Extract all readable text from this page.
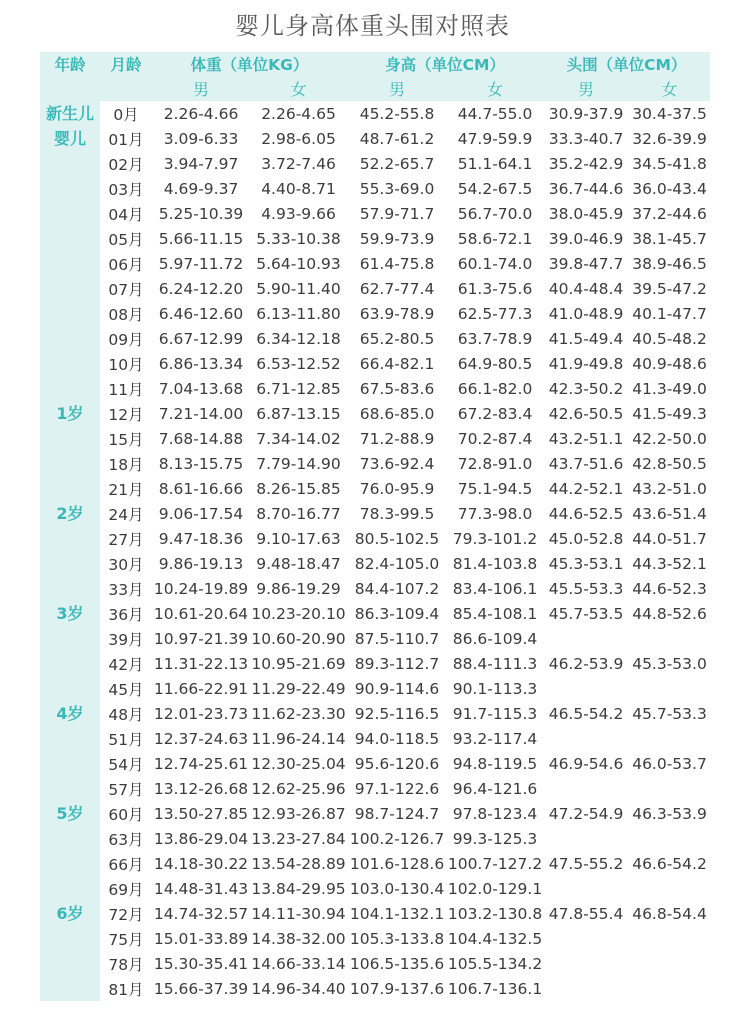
婴儿身高体重头围对照表
年龄	月龄	体重（单位KG）		身高（单位CM）		头围（单位CM）	
		男	女	男	女	男	女
新生儿	0月	2.26-4.66	2.26-4.65	45.2-55.8	44.7-55.0	30.9-37.9	30.4-37.5
婴儿	01月	3.09-6.33	2.98-6.05	48.7-61.2	47.9-59.9	33.3-40.7	32.6-39.9
	02月	3.94-7.97	3.72-7.46	52.2-65.7	51.1-64.1	35.2-42.9	34.5-41.8
	03月	4.69-9.37	4.40-8.71	55.3-69.0	54.2-67.5	36.7-44.6	36.0-43.4
	04月	5.25-10.39	4.93-9.66	57.9-71.7	56.7-70.0	38.0-45.9	37.2-44.6
	05月	5.66-11.15	5.33-10.38	59.9-73.9	58.6-72.1	39.0-46.9	38.1-45.7
	06月	5.97-11.72	5.64-10.93	61.4-75.8	60.1-74.0	39.8-47.7	38.9-46.5
	07月	6.24-12.20	5.90-11.40	62.7-77.4	61.3-75.6	40.4-48.4	39.5-47.2
	08月	6.46-12.60	6.13-11.80	63.9-78.9	62.5-77.3	41.0-48.9	40.1-47.7
	09月	6.67-12.99	6.34-12.18	65.2-80.5	63.7-78.9	41.5-49.4	40.5-48.2
	10月	6.86-13.34	6.53-12.52	66.4-82.1	64.9-80.5	41.9-49.8	40.9-48.6
	11月	7.04-13.68	6.71-12.85	67.5-83.6	66.1-82.0	42.3-50.2	41.3-49.0
1岁	12月	7.21-14.00	6.87-13.15	68.6-85.0	67.2-83.4	42.6-50.5	41.5-49.3
	15月	7.68-14.88	7.34-14.02	71.2-88.9	70.2-87.4	43.2-51.1	42.2-50.0
	18月	8.13-15.75	7.79-14.90	73.6-92.4	72.8-91.0	43.7-51.6	42.8-50.5
	21月	8.61-16.66	8.26-15.85	76.0-95.9	75.1-94.5	44.2-52.1	43.2-51.0
2岁	24月	9.06-17.54	8.70-16.77	78.3-99.5	77.3-98.0	44.6-52.5	43.6-51.4
	27月	9.47-18.36	9.10-17.63	80.5-102.5	79.3-101.2	45.0-52.8	44.0-51.7
	30月	9.86-19.13	9.48-18.47	82.4-105.0	81.4-103.8	45.3-53.1	44.3-52.1
	33月	10.24-19.89	9.86-19.29	84.4-107.2	83.4-106.1	45.5-53.3	44.6-52.3
3岁	36月	10.61-20.64	10.23-20.10	86.3-109.4	85.4-108.1	45.7-53.5	44.8-52.6
	39月	10.97-21.39	10.60-20.90	87.5-110.7	86.6-109.4		
	42月	11.31-22.13	10.95-21.69	89.3-112.7	88.4-111.3	46.2-53.9	45.3-53.0
	45月	11.66-22.91	11.29-22.49	90.9-114.6	90.1-113.3		
4岁	48月	12.01-23.73	11.62-23.30	92.5-116.5	91.7-115.3	46.5-54.2	45.7-53.3
	51月	12.37-24.63	11.96-24.14	94.0-118.5	93.2-117.4		
	54月	12.74-25.61	12.30-25.04	95.6-120.6	94.8-119.5	46.9-54.6	46.0-53.7
	57月	13.12-26.68	12.62-25.96	97.1-122.6	96.4-121.6		
5岁	60月	13.50-27.85	12.93-26.87	98.7-124.7	97.8-123.4	47.2-54.9	46.3-53.9
	63月	13.86-29.04	13.23-27.84	100.2-126.7	99.3-125.3		
	66月	14.18-30.22	13.54-28.89	101.6-128.6	100.7-127.2	47.5-55.2	46.6-54.2
	69月	14.48-31.43	13.84-29.95	103.0-130.4	102.0-129.1		
6岁	72月	14.74-32.57	14.11-30.94	104.1-132.1	103.2-130.8	47.8-55.4	46.8-54.4
	75月	15.01-33.89	14.38-32.00	105.3-133.8	104.4-132.5		
	78月	15.30-35.41	14.66-33.14	106.5-135.6	105.5-134.2		
	81月	15.66-37.39	14.96-34.40	107.9-137.6	106.7-136.1		
